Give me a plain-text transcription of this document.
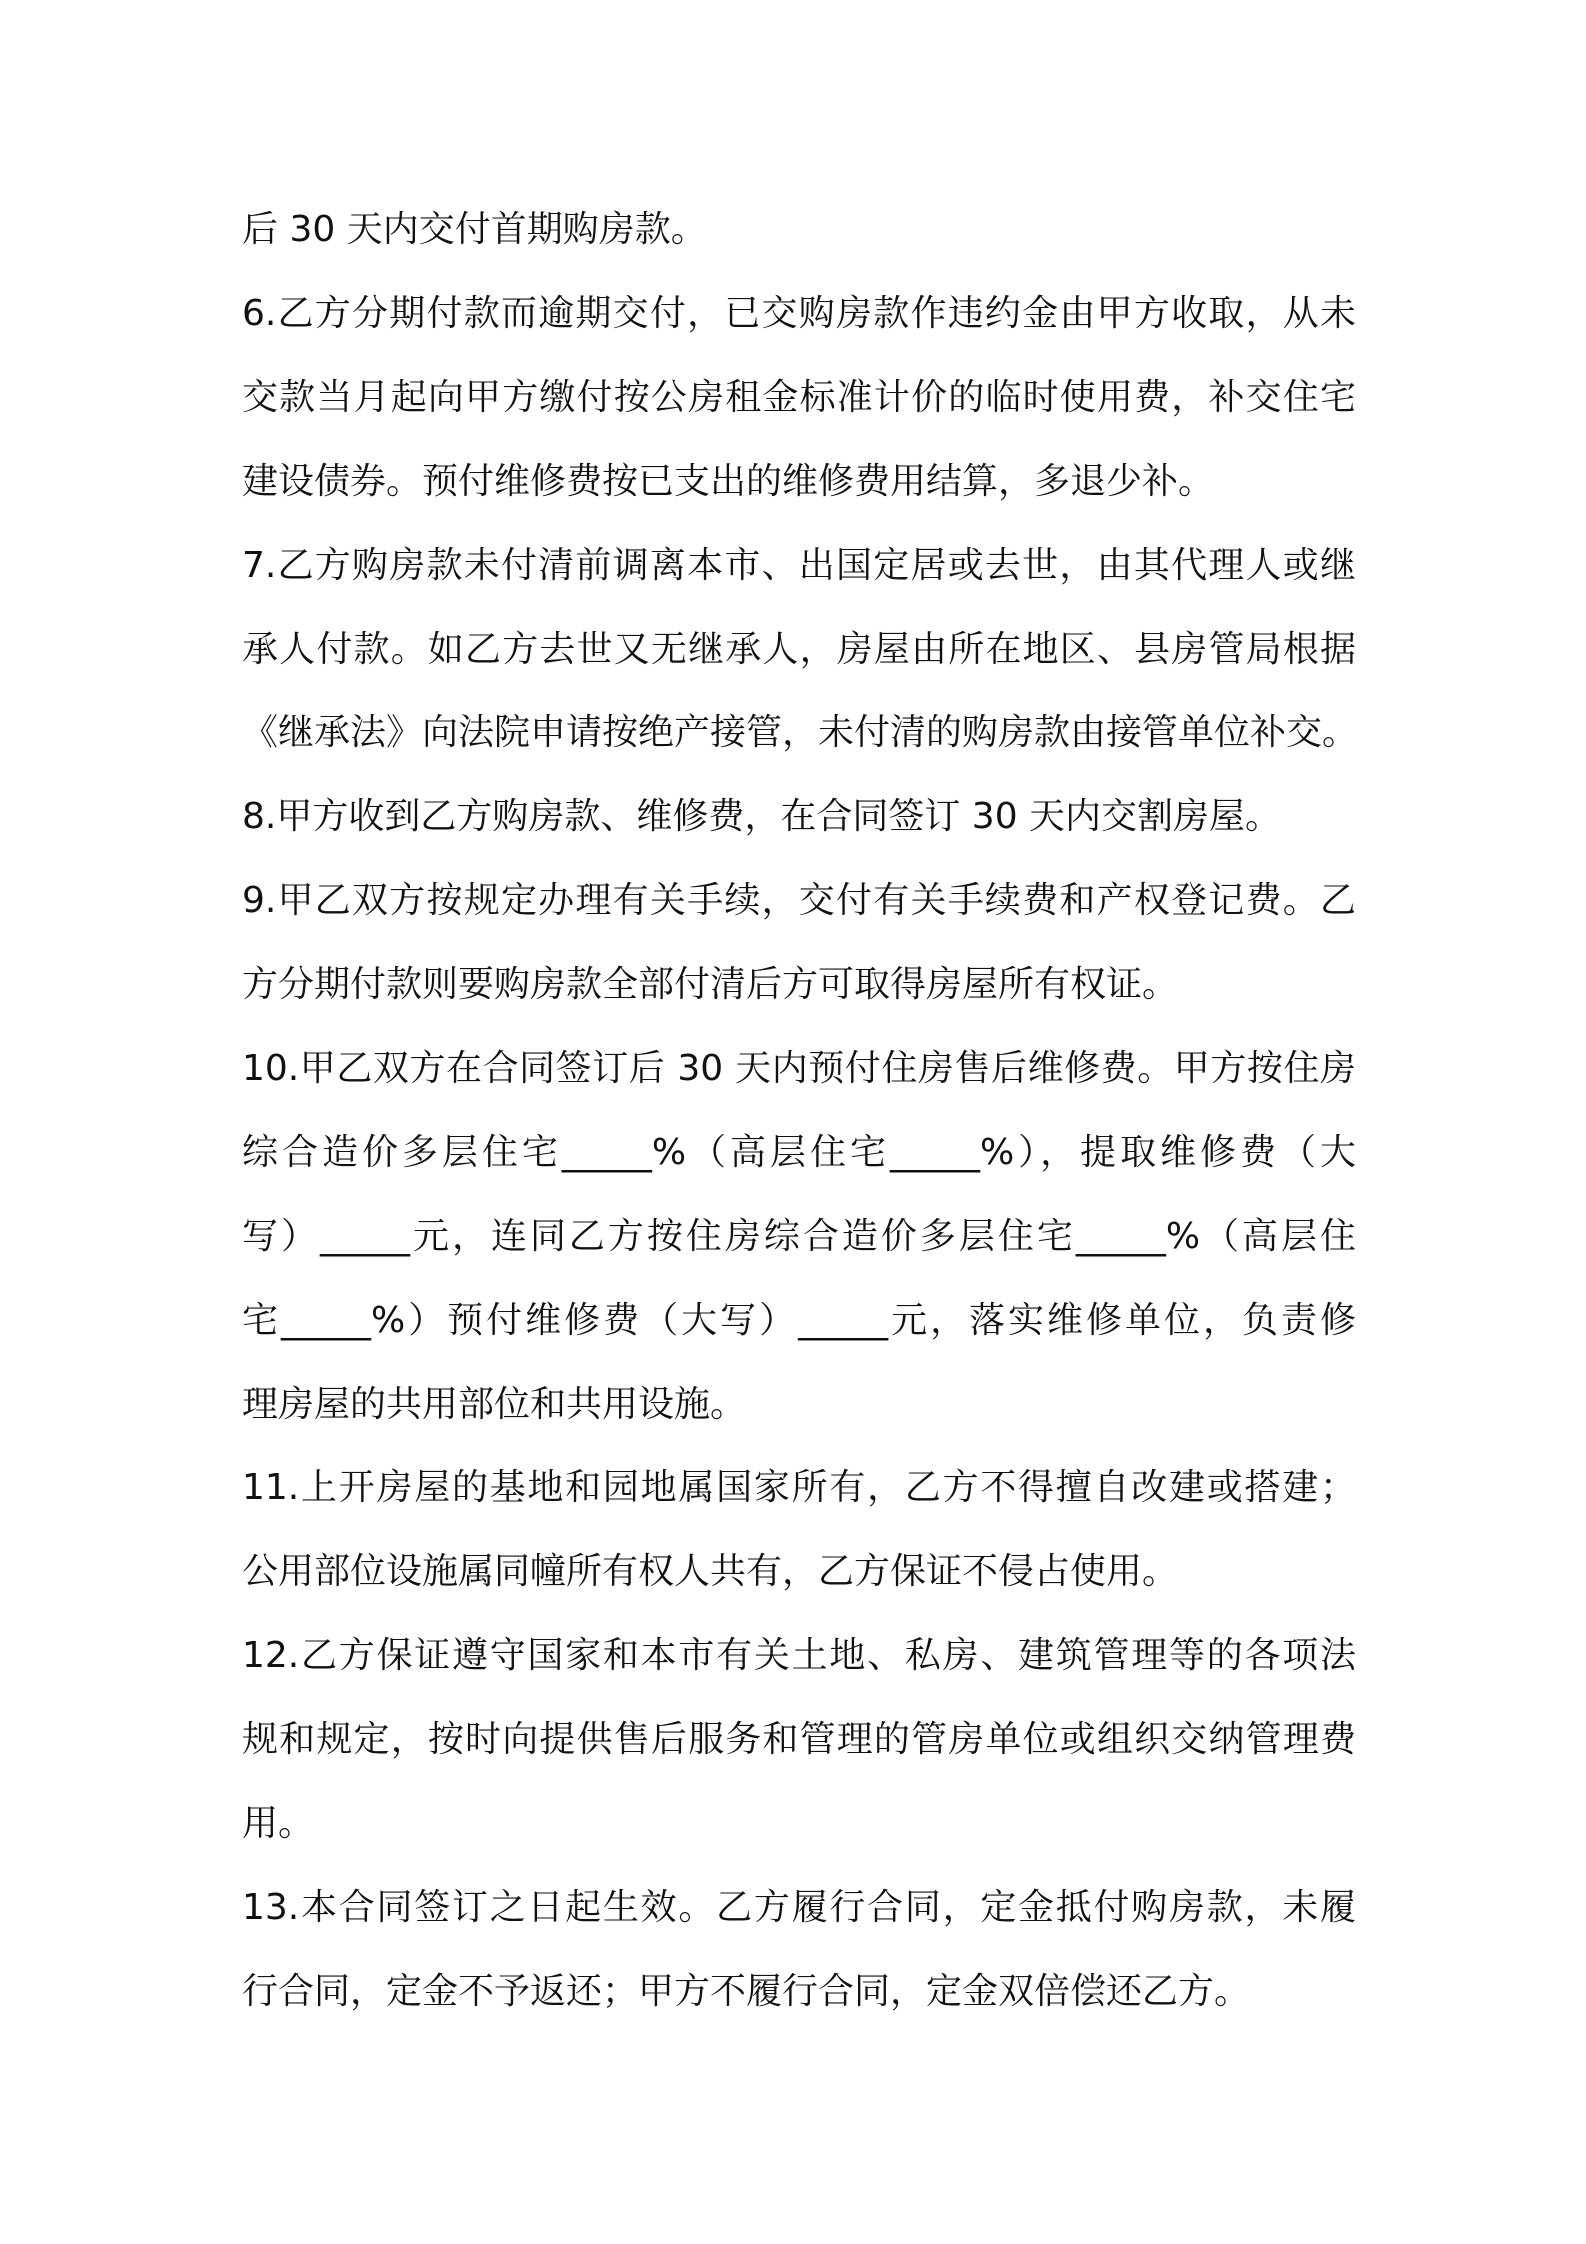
后 30 天内交付首期购房款。
6.乙方分期付款而逾期交付，已交购房款作违约金由甲方收取，从未
交款当月起向甲方缴付按公房租金标准计价的临时使用费，补交住宅
建设债券。预付维修费按已支出的维修费用结算，多退少补。
7.乙方购房款未付清前调离本市、出国定居或去世，由其代理人或继
承人付款。如乙方去世又无继承人，房屋由所在地区、县房管局根据
《继承法》向法院申请按绝产接管，未付清的购房款由接管单位补交。
8.甲方收到乙方购房款、维修费，在合同签订 30 天内交割房屋。
9.甲乙双方按规定办理有关手续，交付有关手续费和产权登记费。乙
方分期付款则要购房款全部付清后方可取得房屋所有权证。
10.甲乙双方在合同签订后 30 天内预付住房售后维修费。甲方按住房
综合造价多层住宅_____%（高层住宅_____%），提取维修费（大
写）_____元，连同乙方按住房综合造价多层住宅_____%（高层住
宅_____%）预付维修费（大写）_____元，落实维修单位，负责修
理房屋的共用部位和共用设施。
11.上开房屋的基地和园地属国家所有，乙方不得擅自改建或搭建；
公用部位设施属同幢所有权人共有，乙方保证不侵占使用。
12.乙方保证遵守国家和本市有关土地、私房、建筑管理等的各项法
规和规定，按时向提供售后服务和管理的管房单位或组织交纳管理费
用。
13.本合同签订之日起生效。乙方履行合同，定金抵付购房款，未履
行合同，定金不予返还；甲方不履行合同，定金双倍偿还乙方。
